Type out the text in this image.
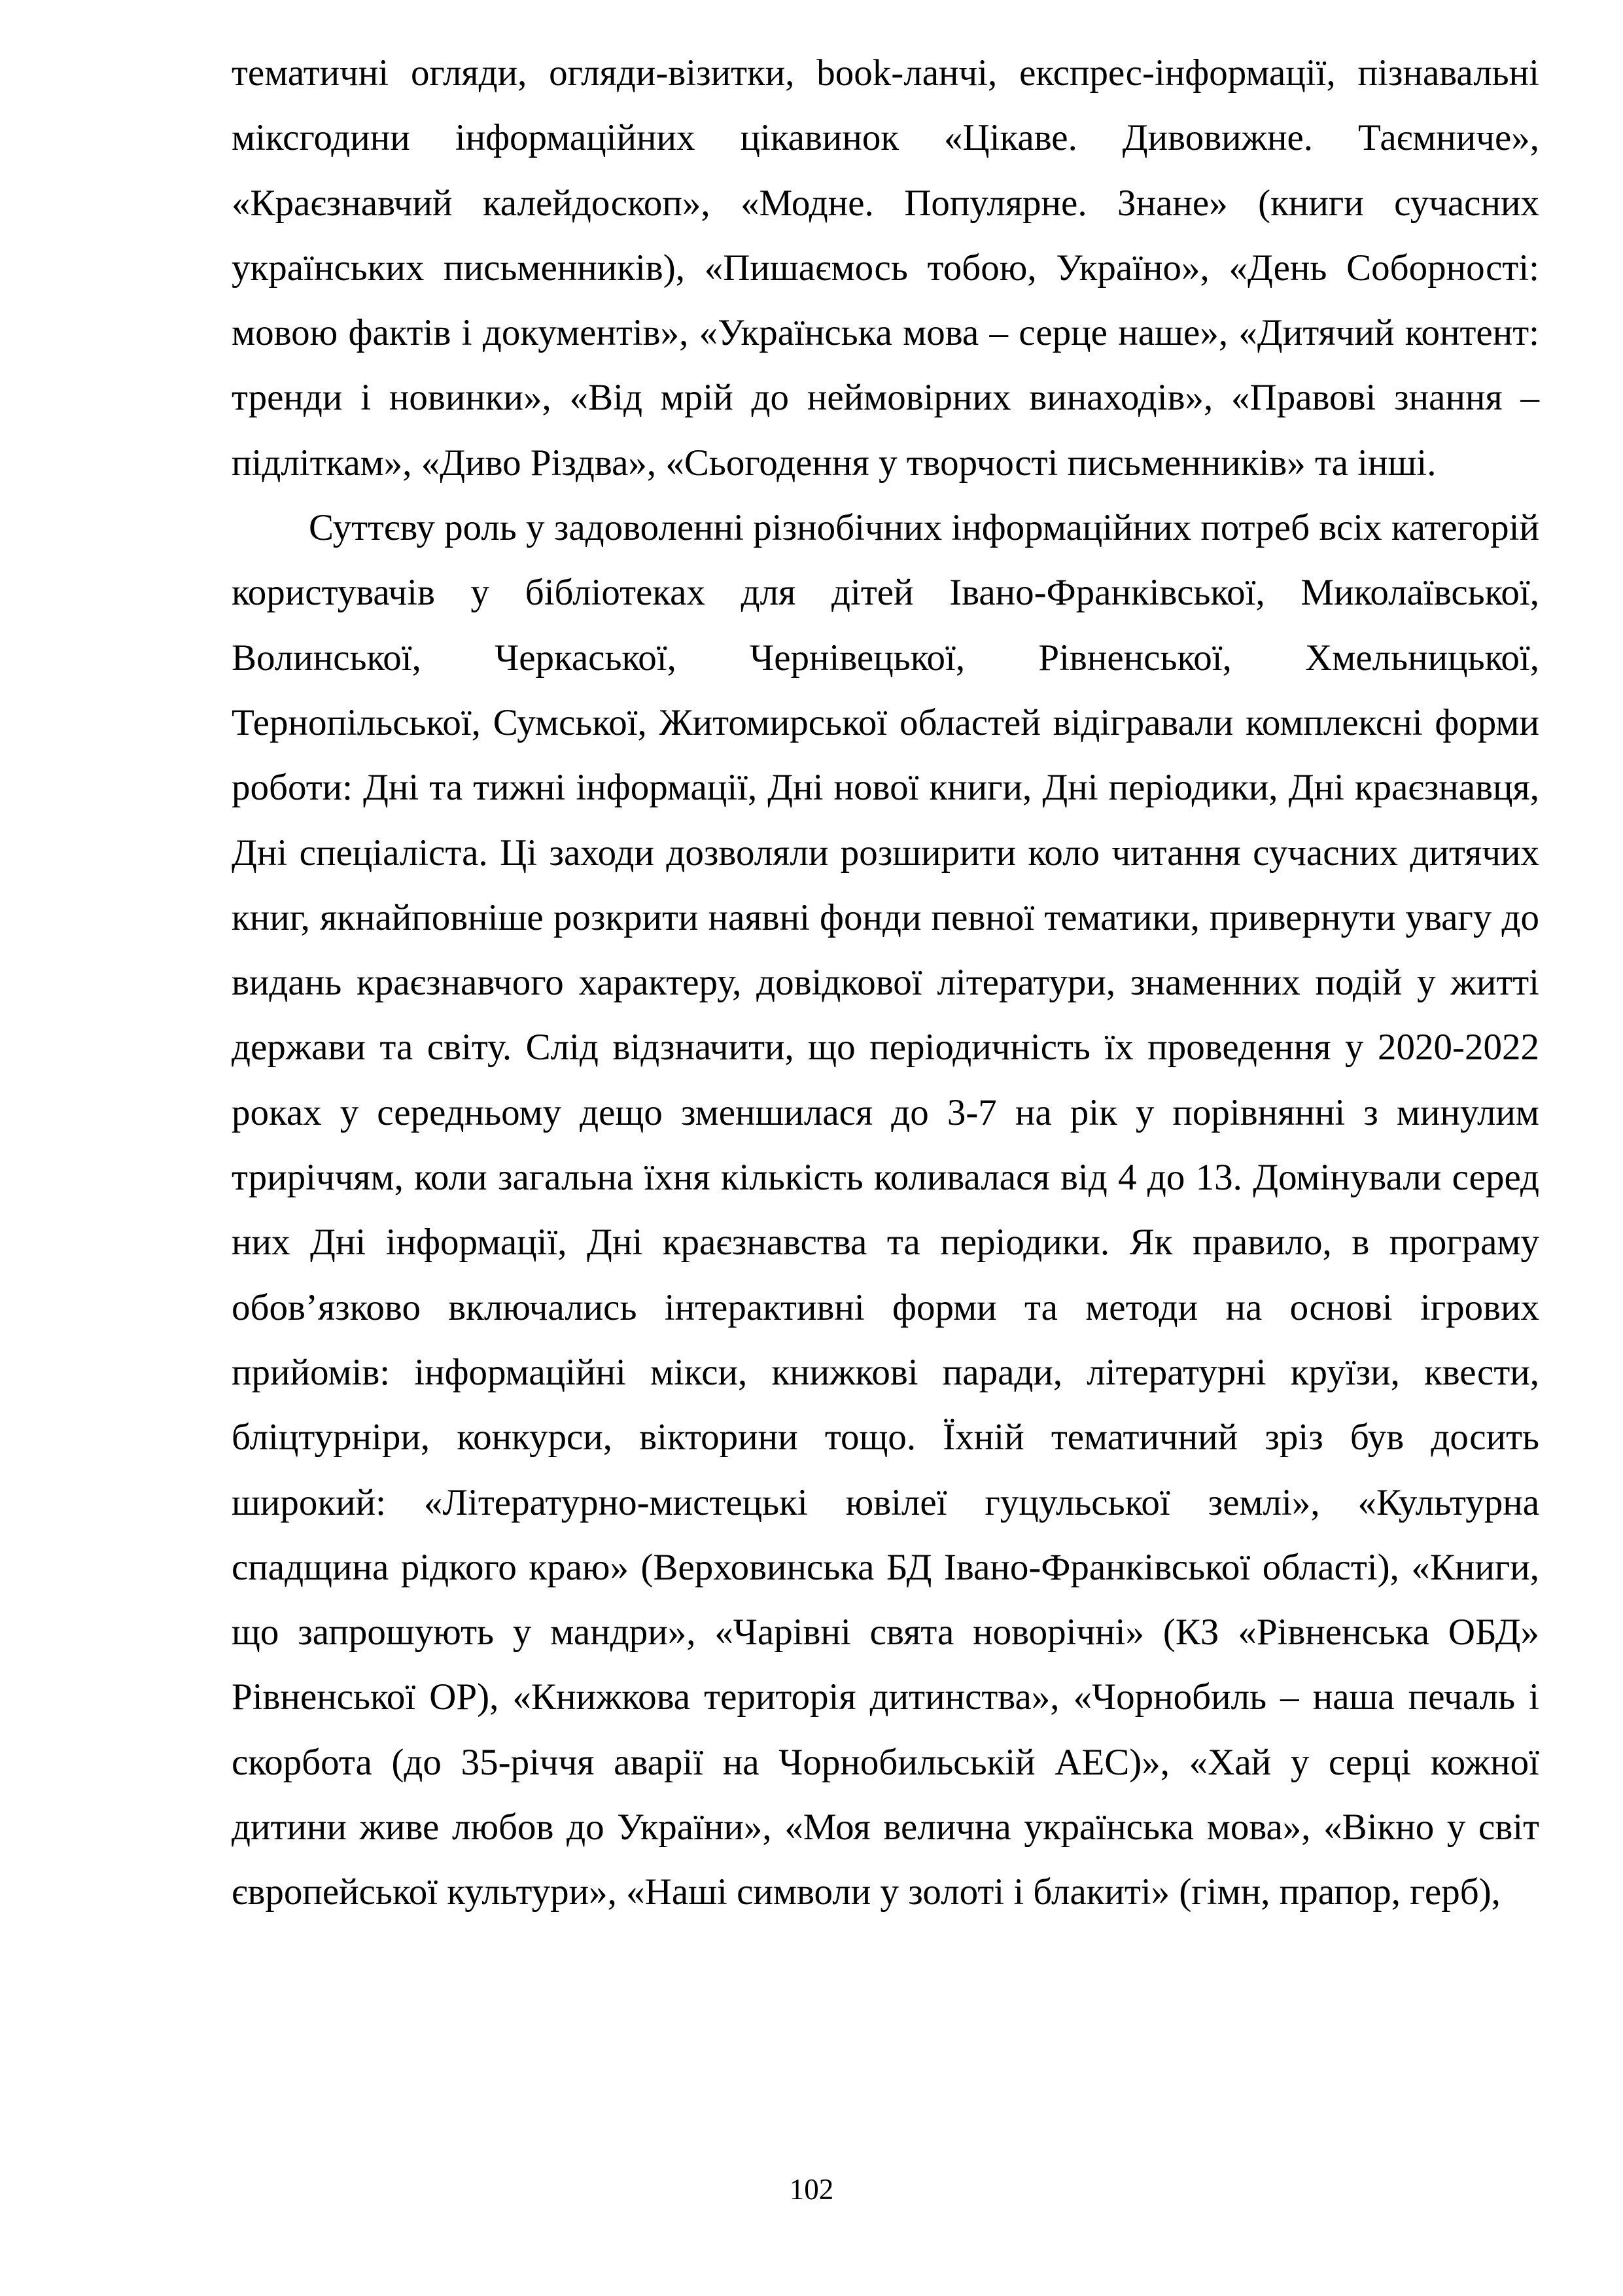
тематичні огляди, огляди-візитки, book-ланчі, експрес-інформації, пізнавальні міксгодини інформаційних цікавинок «Цікаве. Дивовижне. Таємниче», «Краєзнавчий калейдоскоп», «Модне. Популярне. Знане» (книги сучасних українських письменників), «Пишаємось тобою, Україно», «День Соборності: мовою фактів і документів», «Українська мова – серце наше», «Дитячий контент: тренди і новинки», «Від мрій до неймовірних винаходів», «Правові знання – підліткам», «Диво Різдва», «Сьогодення у творчості письменників» та інші.

Суттєву роль у задоволенні різнобічних інформаційних потреб всіх категорій користувачів у бібліотеках для дітей Івано-Франківської, Миколаївської, Волинської, Черкаської, Чернівецької, Рівненської, Хмельницької, Тернопільської, Сумської, Житомирської областей відігравали комплексні форми роботи: Дні та тижні інформації, Дні нової книги, Дні періодики, Дні краєзнавця, Дні спеціаліста. Ці заходи дозволяли розширити коло читання сучасних дитячих книг, якнайповніше розкрити наявні фонди певної тематики, привернути увагу до видань краєзнавчого характеру, довідкової літератури, знаменних подій у житті держави та світу. Слід відзначити, що періодичність їх проведення у 2020-2022 роках у середньому дещо зменшилася до 3-7 на рік у порівнянні з минулим триріччям, коли загальна їхня кількість коливалася від 4 до 13. Домінували серед них Дні інформації, Дні краєзнавства та періодики. Як правило, в програму обов’язково включались інтерактивні форми та методи на основі ігрових прийомів: інформаційні мікси, книжкові паради, літературні круїзи, квести, бліцтурніри, конкурси, вікторини тощо. Їхній тематичний зріз був досить широкий: «Літературно-мистецькі ювілеї гуцульської землі», «Культурна спадщина рідкого краю» (Верховинська БД Івано-Франківської області), «Книги, що запрошують у мандри», «Чарівні свята новорічні» (КЗ «Рівненська ОБД» Рівненської ОР), «Книжкова територія дитинства», «Чорнобиль – наша печаль і скорбота (до 35-річчя аварії на Чорнобильській АЕС)», «Хай у серці кожної дитини живе любов до України», «Моя велична українська мова», «Вікно у світ європейської культури», «Наші символи у золоті і блакиті» (гімн, прапор, герб),

102
